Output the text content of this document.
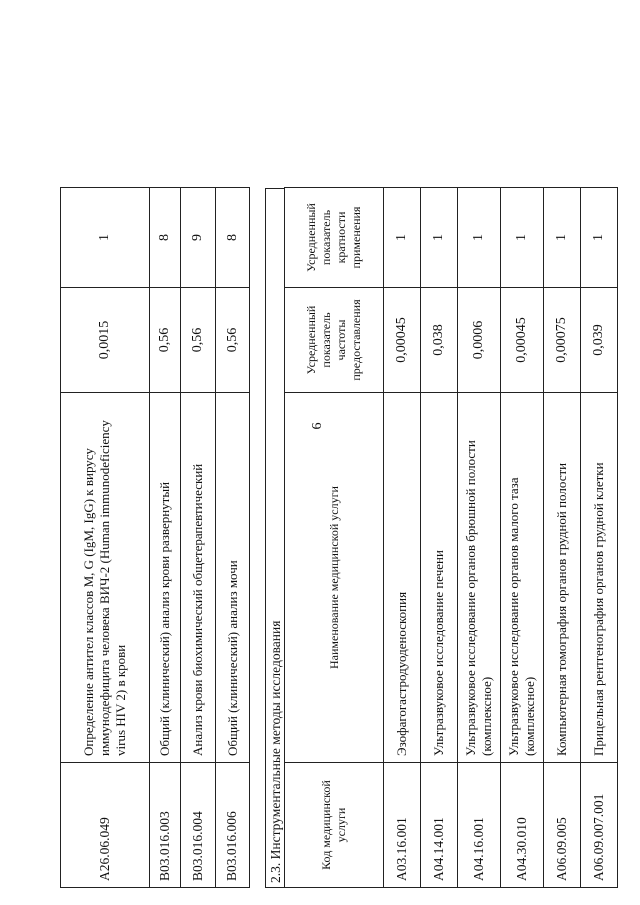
6
A26.06.049	Определение антител классов M, G (IgM, IgG) к вирусу иммунодефицита человека ВИЧ-2 (Human immunodeficiency virus HIV 2) в крови	0,0015	1
B03.016.003	Общий (клинический) анализ крови развернутый	0,56	8
B03.016.004	Анализ крови биохимический общетерапевтический	0,56	9
B03.016.006	Общий (клинический) анализ мочи	0,56	8
2.3. Инструментальные методы исследования	Код медицинской услуги	Наименование медицинской услуги	Усредненный показатель частоты предоставления	Усредненный показатель кратности применения
A03.16.001	Эзофагогастродуоденоскопия	0,00045	1
A04.14.001	Ультразвуковое исследование печени	0,038	1
A04.16.001	Ультразвуковое исследование органов брюшной полости (комплексное)	0,0006	1
A04.30.010	Ультразвуковое исследование органов малого таза (комплексное)	0,00045	1
A06.09.005	Компьютерная томография органов грудной полости	0,00075	1
A06.09.007.001	Прицельная рентгенография органов грудной клетки	0,039	1
